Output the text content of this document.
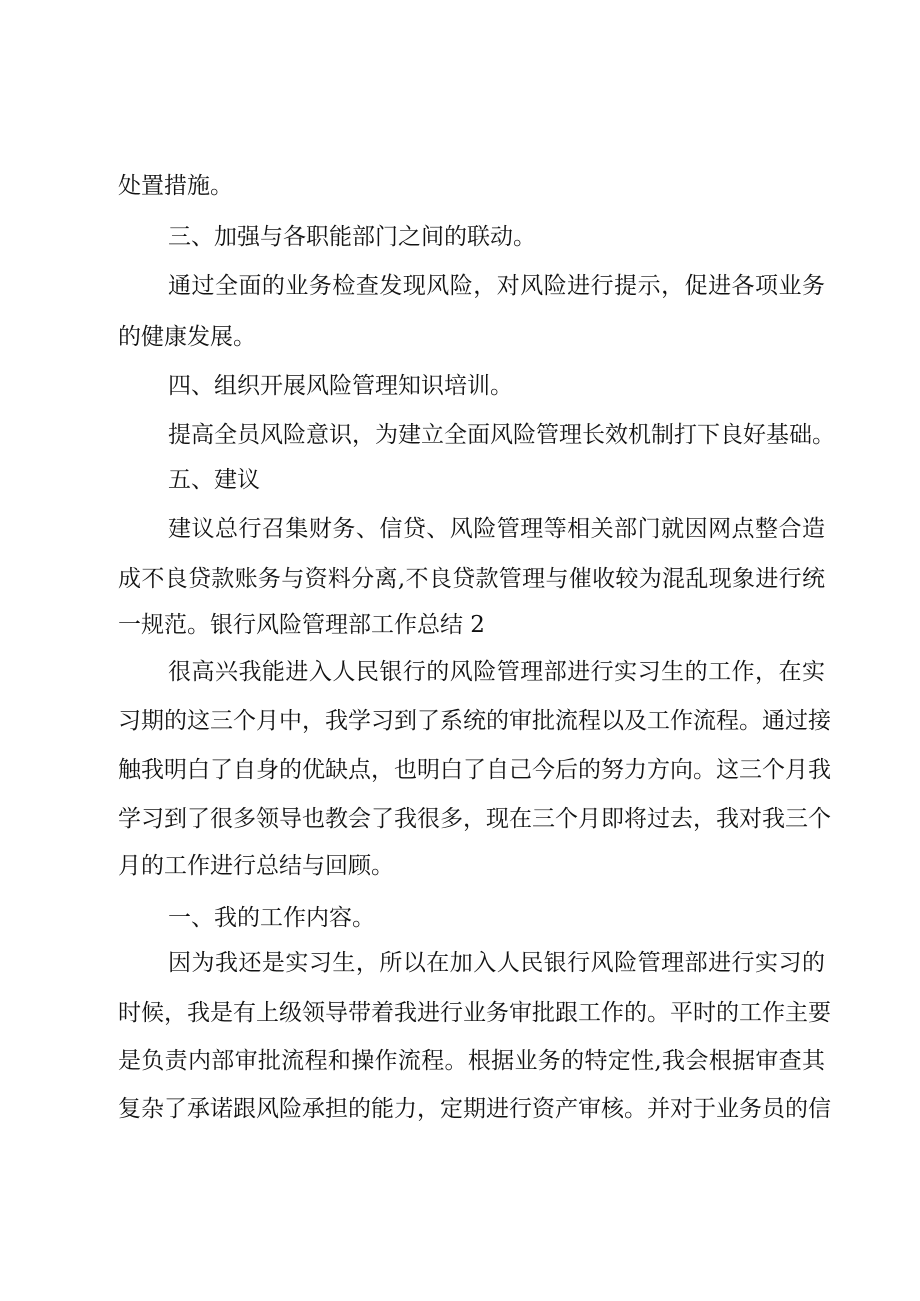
处置措施。
三、加强与各职能部门之间的联动。
通过全面的业务检查发现风险，对风险进行提示，促进各项业务
的健康发展。
四、组织开展风险管理知识培训。
提高全员风险意识，为建立全面风险管理长效机制打下良好基础。
五、建议
建议总行召集财务、信贷、风险管理等相关部门就因网点整合造
成不良贷款账务与资料分离,不良贷款管理与催收较为混乱现象进行统
一规范。银行风险管理部工作总结 2
很高兴我能进入人民银行的风险管理部进行实习生的工作，在实
习期的这三个月中，我学习到了系统的审批流程以及工作流程。通过接
触我明白了自身的优缺点，也明白了自己今后的努力方向。这三个月我
学习到了很多领导也教会了我很多，现在三个月即将过去，我对我三个
月的工作进行总结与回顾。
一、我的工作内容。
因为我还是实习生，所以在加入人民银行风险管理部进行实习的
时候，我是有上级领导带着我进行业务审批跟工作的。平时的工作主要
是负责内部审批流程和操作流程。根据业务的特定性,我会根据审查其
复杂了承诺跟风险承担的能力，定期进行资产审核。并对于业务员的信
